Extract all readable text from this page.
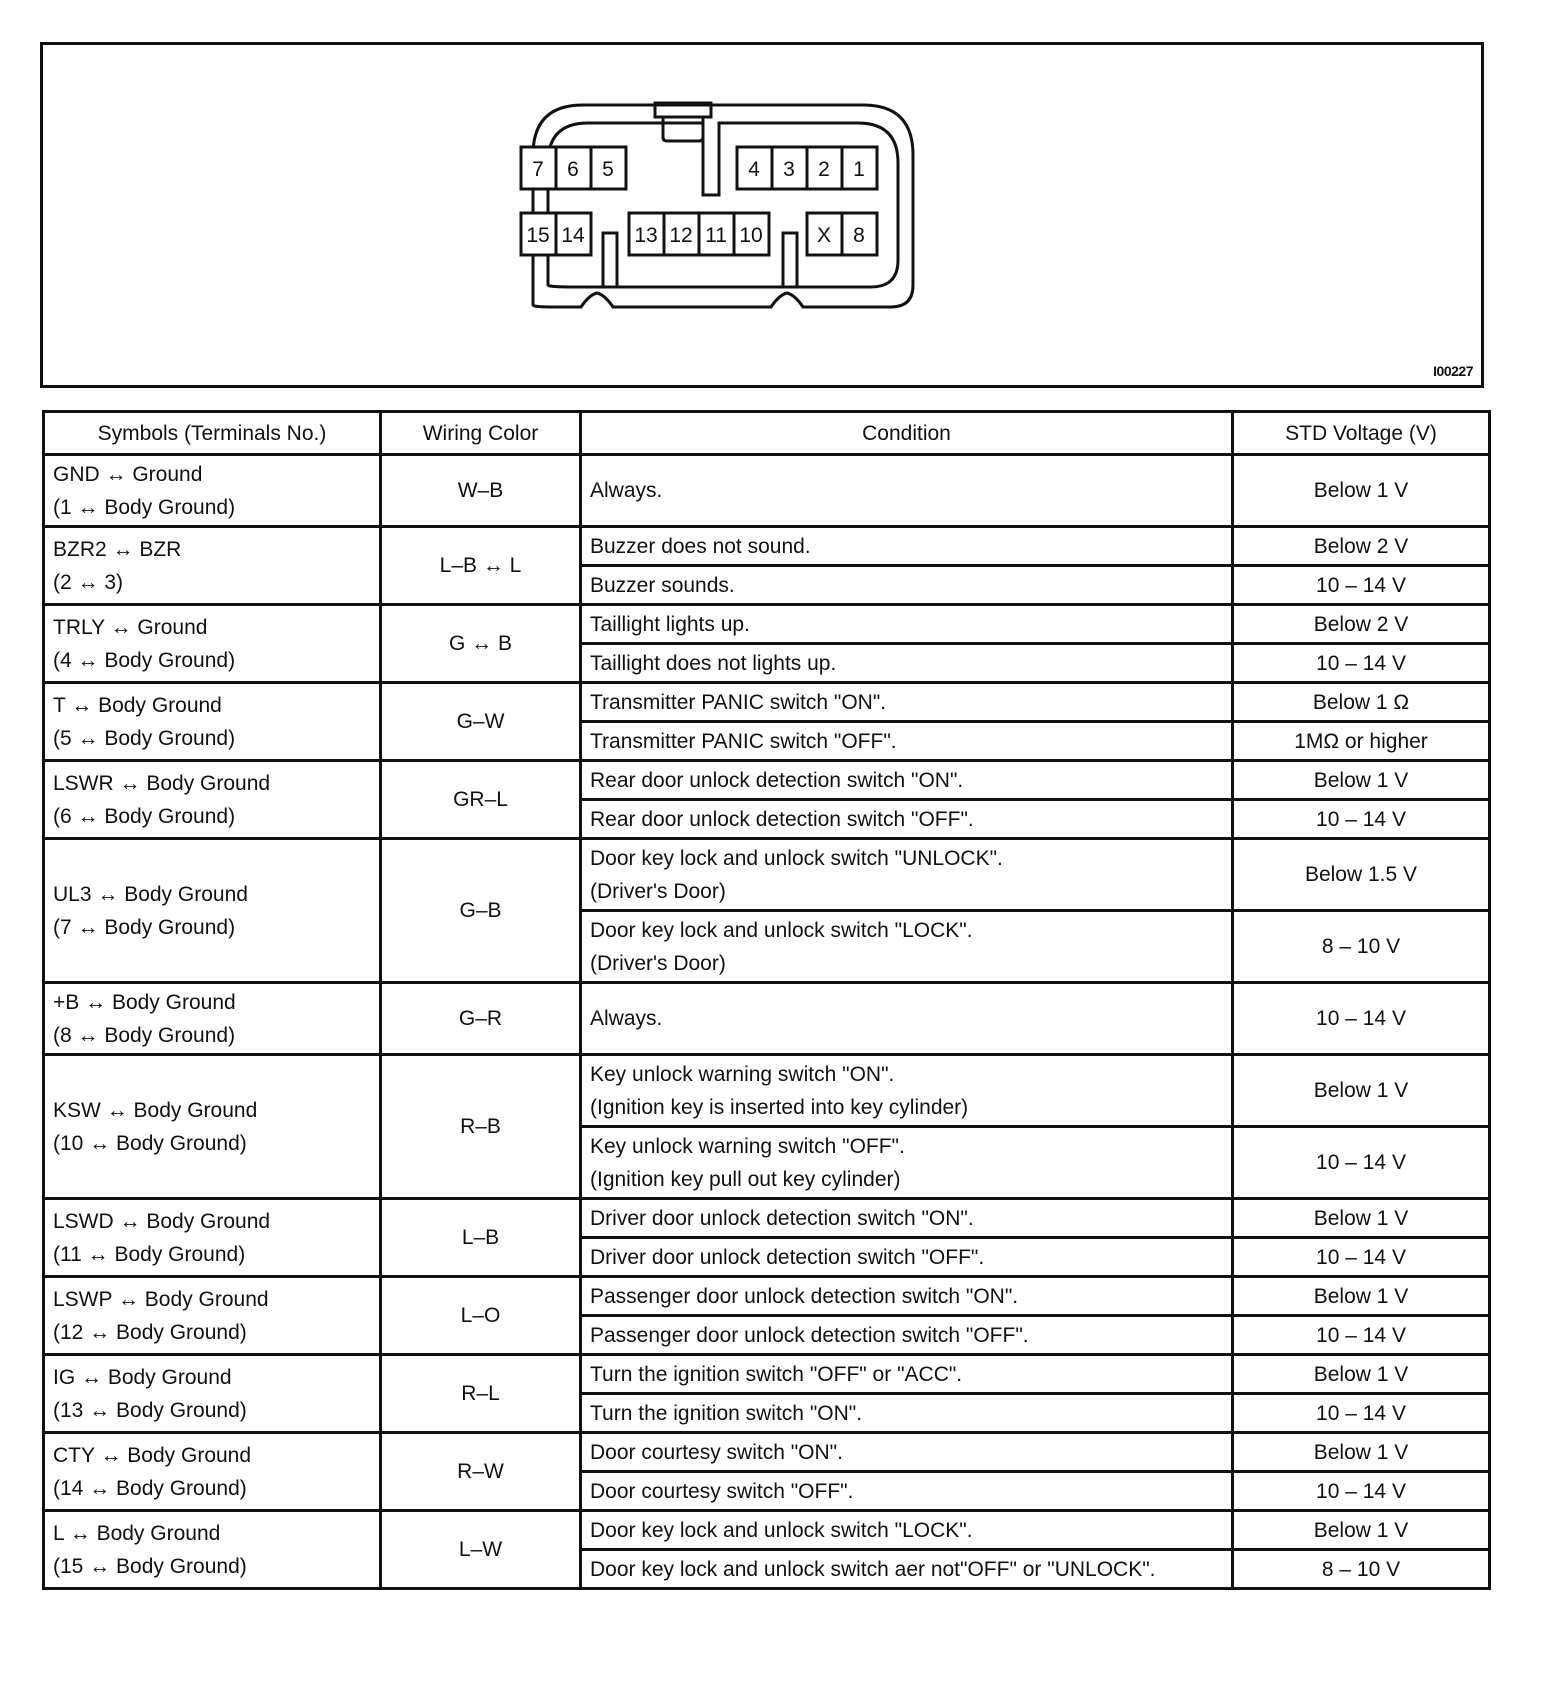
7 6 5	4 3 2 1
15 14 13 12 11 10	X 8
I00227
Symbols (Terminals No.)	Wiring Color	Condition	STD Voltage (V)

GND ↔ Ground
(1 ↔ Body Ground)	W–B	Always.	Below 1 V

BZR2 ↔ BZR
(2 ↔ 3)	L–B ↔ L	Buzzer does not sound.	Below 2 V

		Buzzer sounds.	10 – 14 V

TRLY ↔ Ground
(4 ↔ Body Ground)	G ↔ B	Taillight lights up.	Below 2 V

		Taillight does not lights up.	10 – 14 V

T ↔ Body Ground
(5 ↔ Body Ground)	G–W	Transmitter PANIC switch "ON".	Below 1 Ω

		Transmitter PANIC switch "OFF".	1MΩ or higher

LSWR ↔ Body Ground
(6 ↔ Body Ground)	GR–L	Rear door unlock detection switch "ON".	Below 1 V

		Rear door unlock detection switch "OFF".	10 – 14 V

UL3 ↔ Body Ground
(7 ↔ Body Ground)	G–B	Door key lock and unlock switch "UNLOCK".
(Driver's Door)	Below 1.5 V

		Door key lock and unlock switch "LOCK".
(Driver's Door)	8 – 10 V

+B ↔ Body Ground
(8 ↔ Body Ground)	G–R	Always.	10 – 14 V

KSW ↔ Body Ground
(10 ↔ Body Ground)	R–B	Key unlock warning switch "ON".
(Ignition key is inserted into key cylinder)	Below 1 V

		Key unlock warning switch "OFF".
(Ignition key pull out key cylinder)	10 – 14 V

LSWD ↔ Body Ground
(11 ↔ Body Ground)	L–B	Driver door unlock detection switch "ON".	Below 1 V

		Driver door unlock detection switch "OFF".	10 – 14 V

LSWP ↔ Body Ground
(12 ↔ Body Ground)	L–O	Passenger door unlock detection switch "ON".	Below 1 V

		Passenger door unlock detection switch "OFF".	10 – 14 V

IG ↔ Body Ground
(13 ↔ Body Ground)	R–L	Turn the ignition switch "OFF" or "ACC".	Below 1 V

		Turn the ignition switch "ON".	10 – 14 V

CTY ↔ Body Ground
(14 ↔ Body Ground)	R–W	Door courtesy switch "ON".	Below 1 V

		Door courtesy switch "OFF".	10 – 14 V

L ↔ Body Ground
(15 ↔ Body Ground)	L–W	Door key lock and unlock switch "LOCK".	Below 1 V

		Door key lock and unlock switch aer not"OFF" or "UNLOCK".	8 – 10 V
